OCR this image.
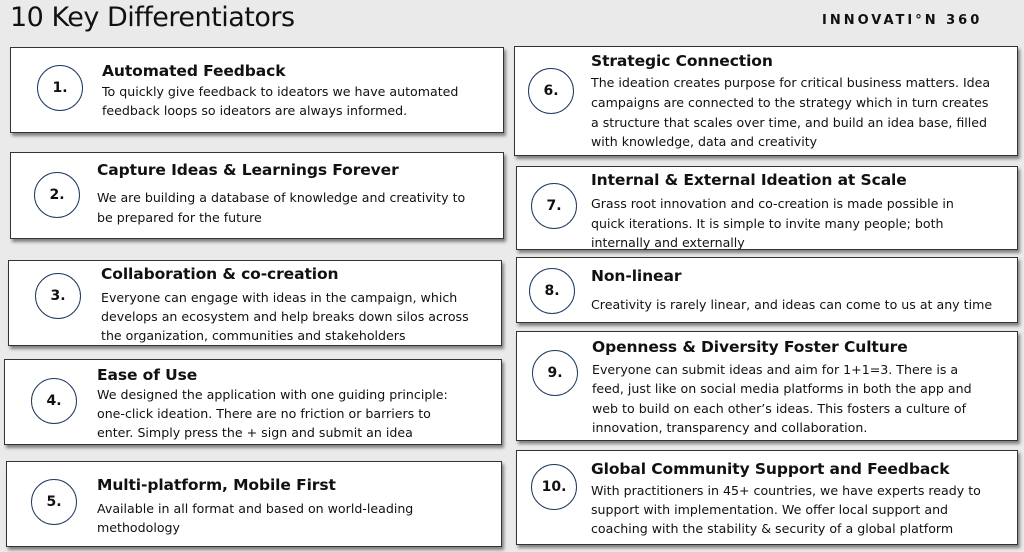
10 Key Differentiators	INNOVATI°N 360
1.
Automated Feedback
To quickly give feedback to ideators we have automated
feedback loops so ideators are always informed.
2.
Capture Ideas & Learnings Forever
We are building a database of knowledge and creativity to
be prepared for the future
3.
Collaboration & co-creation
Everyone can engage with ideas in the campaign, which
develops an ecosystem and help breaks down silos across
the organization, communities and stakeholders
4.
Ease of Use
We designed the application with one guiding principle:
one-click ideation. There are no friction or barriers to
enter. Simply press the + sign and submit an idea
5.
Multi-platform, Mobile First
Available in all format and based on world-leading
methodology
6.
Strategic Connection
The ideation creates purpose for critical business matters. Idea
campaigns are connected to the strategy which in turn creates
a structure that scales over time, and build an idea base, filled
with knowledge, data and creativity
7.
Internal & External Ideation at Scale
Grass root innovation and co-creation is made possible in
quick iterations. It is simple to invite many people; both
internally and externally
8.
Non-linear
Creativity is rarely linear, and ideas can come to us at any time
9.
Openness & Diversity Foster Culture
Everyone can submit ideas and aim for 1+1=3. There is a
feed, just like on social media platforms in both the app and
web to build on each other’s ideas. This fosters a culture of
innovation, transparency and collaboration.
10.
Global Community Support and Feedback
With practitioners in 45+ countries, we have experts ready to
support with implementation. We offer local support and
coaching with the stability & security of a global platform
